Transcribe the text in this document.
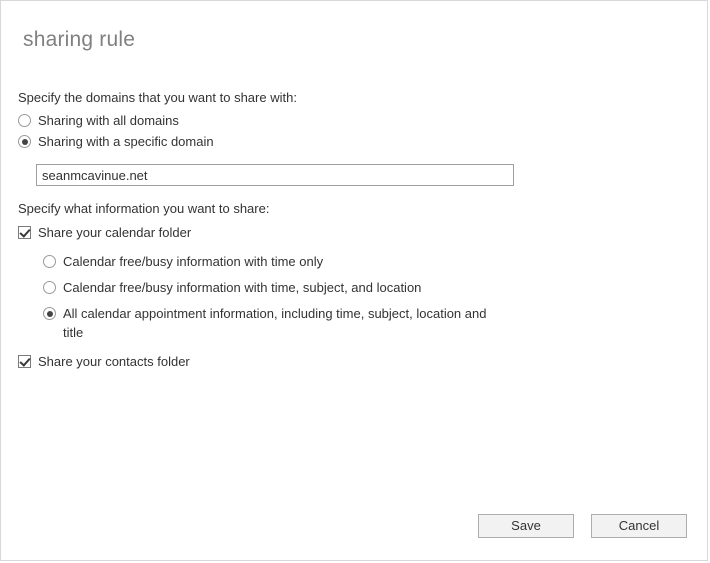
sharing rule
Specify the domains that you want to share with:
Sharing with all domains
Sharing with a specific domain
seanmcavinue.net
Specify what information you want to share:
Share your calendar folder
Calendar free/busy information with time only
Calendar free/busy information with time, subject, and location
All calendar appointment information, including time, subject, location and title
Share your contacts folder
Save	Cancel
